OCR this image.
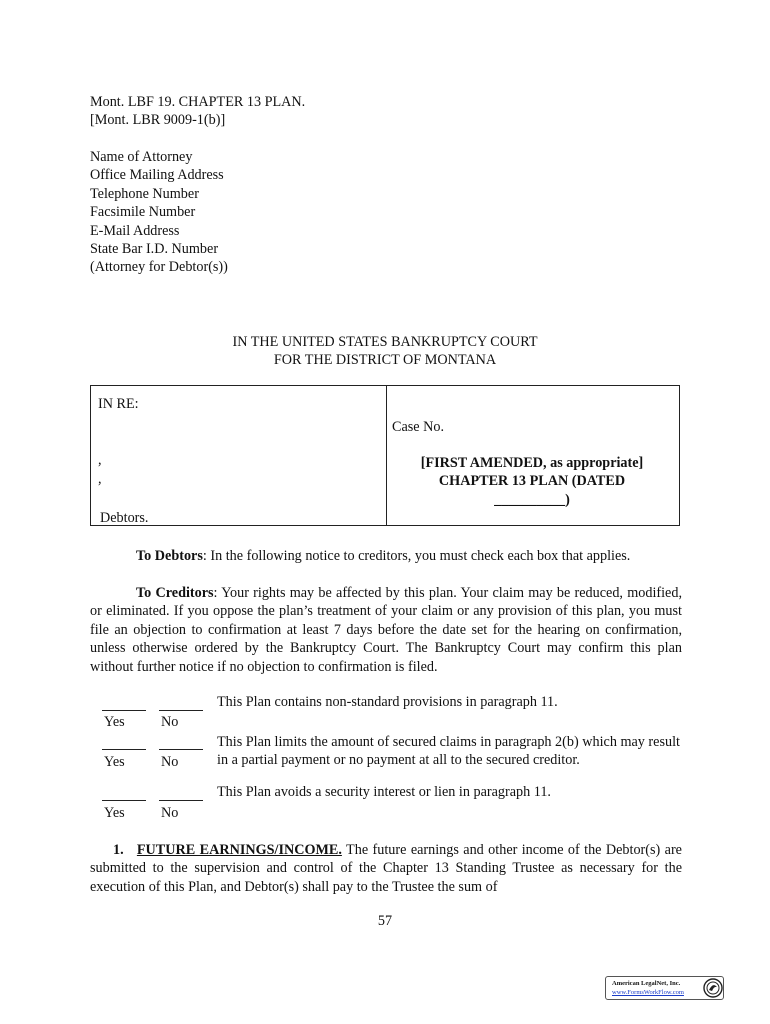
Mont. LBF 19. CHAPTER 13 PLAN.
[Mont. LBR 9009-1(b)]
Name of Attorney
Office Mailing Address
Telephone Number
Facsimile Number
E-Mail Address
State Bar I.D. Number
(Attorney for Debtor(s))
IN THE UNITED STATES BANKRUPTCY COURT
FOR THE DISTRICT OF MONTANA
IN RE:
,
,
Debtors.
Case No.
[FIRST AMENDED, as appropriate]
CHAPTER 13 PLAN (DATED
__________)
To Debtors: In the following notice to creditors, you must check each box that applies.
To Creditors: Your rights may be affected by this plan. Your claim may be reduced, modified, or eliminated. If you oppose the plan’s treatment of your claim or any provision of this plan, you must file an objection to confirmation at least 7 days before the date set for the hearing on confirmation, unless otherwise ordered by the Bankruptcy Court. The Bankruptcy Court may confirm this plan without further notice if no objection to confirmation is filed.
Yes	No
This Plan contains non-standard provisions in paragraph 11.
Yes	No
This Plan limits the amount of secured claims in paragraph 2(b) which may result in a partial payment or no payment at all to the secured creditor.
Yes	No
This Plan avoids a security interest or lien in paragraph 11.
1. FUTURE EARNINGS/INCOME. The future earnings and other income of the Debtor(s) are submitted to the supervision and control of the Chapter 13 Standing Trustee as necessary for the execution of this Plan, and Debtor(s) shall pay to the Trustee the sum of
57
American LegalNet, Inc.
www.FormsWorkFlow.com
